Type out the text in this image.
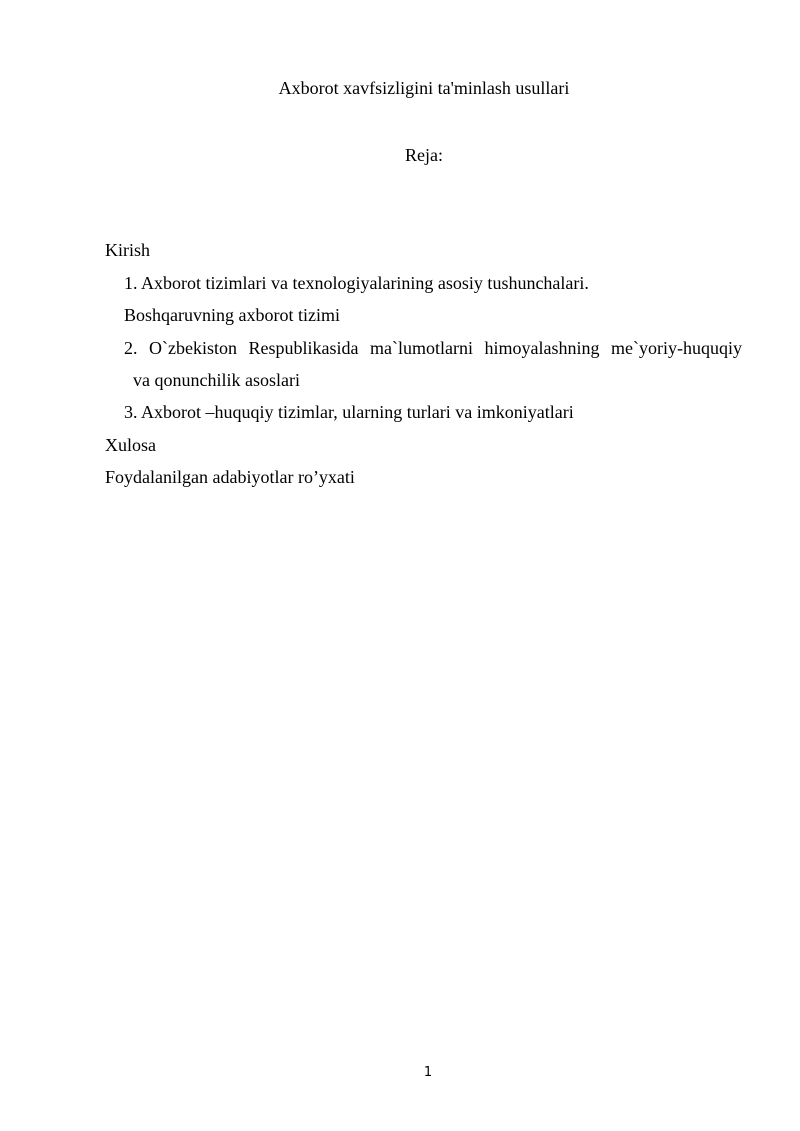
Axborot xavfsizligini ta'minlash usullari
Reja:
Kirish
1. Axborot tizimlari va texnologiyalarining asosiy tushunchalari.
Boshqaruvning axborot tizimi
2. O`zbekiston Respublikasida ma`lumotlarni himoyalashning me`yoriy-huquqiy
va qonunchilik asoslari
3. Axborot –huquqiy tizimlar, ularning turlari va imkoniyatlari
Xulosa
Foydalanilgan adabiyotlar ro’yxati
1
